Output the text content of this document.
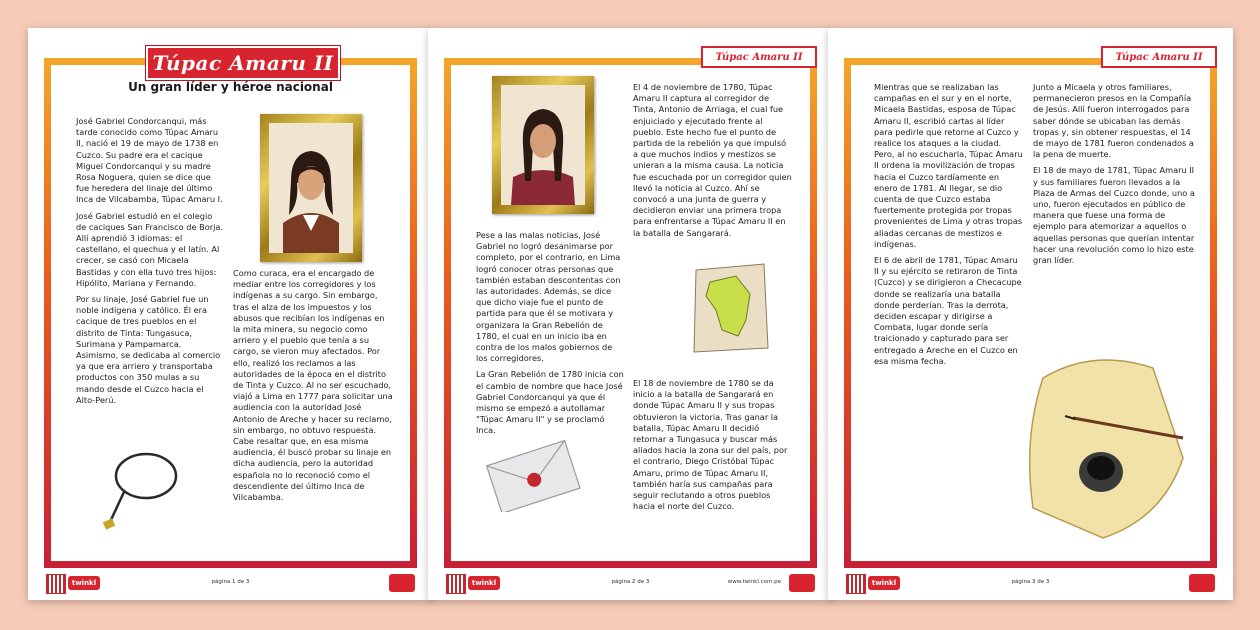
Túpac Amaru II
Un gran líder y héroe nacional

José Gabriel Condorcanqui, más tarde conocido como Túpac Amaru II, nació el 19 de mayo de 1738 en Cuzco. Su padre era el cacique Miguel Condorcanqui y su madre Rosa Noguera, quien se dice que fue heredera del linaje del último Inca de Vilcabamba, Túpac Amaru I.

José Gabriel estudió en el colegio de caciques San Francisco de Borja. Allí aprendió 3 idiomas: el castellano, el quechua y el latín. Al crecer, se casó con Micaela Bastidas y con ella tuvo tres hijos: Hipólito, Mariana y Fernando.

Por su linaje, José Gabriel fue un noble indígena y católico. Él era cacique de tres pueblos en el distrito de Tinta: Tungasuca, Surimana y Pampamarca. Asimismo, se dedicaba al comercio ya que era arriero y transportaba productos con 350 mulas a su mando desde el Cuzco hacia el Alto-Perú.

Como curaca, era el encargado de mediar entre los corregidores y los indígenas a su cargo. Sin embargo, tras el alza de los impuestos y los abusos que recibían los indígenas en la mita minera, su negocio como arriero y el pueblo que tenía a su cargo, se vieron muy afectados. Por ello, realizó los reclamos a las autoridades de la época en el distrito de Tinta y Cuzco. Al no ser escuchado, viajó a Lima en 1777 para solicitar una audiencia con la autoridad José Antonio de Areche y hacer su reclamo, sin embargo, no obtuvo respuesta. Cabe resaltar que, en esa misma audiencia, él buscó probar su linaje en dicha audiencia, pero la autoridad española no lo reconoció como el descendiente del último Inca de Vilcabamba.

twinkl	página 1 de 3
Túpac Amaru II

Pese a las malas noticias, José Gabriel no logró desanimarse por completo, por el contrario, en Lima logró conocer otras personas que también estaban descontentas con las autoridades. Además, se dice que dicho viaje fue el punto de partida para que él se motivara y organizara la Gran Rebelión de 1780, el cual en un inicio iba en contra de los malos gobiernos de los corregidores.

La Gran Rebelión de 1780 inicia con el cambio de nombre que hace José Gabriel Condorcanqui ya que él mismo se empezó a autollamar "Túpac Amaru II" y se proclamó Inca.

El 4 de noviembre de 1780, Túpac Amaru II captura al corregidor de Tinta, Antonio de Arriaga, el cual fue enjuiciado y ejecutado frente al pueblo. Este hecho fue el punto de partida de la rebelión ya que impulsó a que muchos indios y mestizos se unieran a la misma causa. La noticia fue escuchada por un corregidor quien llevó la noticia al Cuzco. Ahí se convocó a una junta de guerra y decidieron enviar una primera tropa para enfrentarse a Túpac Amaru II en la batalla de Sangarará.

El 18 de noviembre de 1780 se da inicio a la batalla de Sangarará en donde Túpac Amaru II y sus tropas obtuvieron la victoria. Tras ganar la batalla, Túpac Amaru II decidió retornar a Tungasuca y buscar más aliados hacia la zona sur del país, por el contrario, Diego Cristóbal Túpac Amaru, primo de Túpac Amaru II, también haría sus campañas para seguir reclutando a otros pueblos hacia el norte del Cuzco.

twinkl	página 2 de 3	www.twinkl.com.pe
Túpac Amaru II

Mientras que se realizaban las campañas en el sur y en el norte, Micaela Bastidas, esposa de Túpac Amaru II, escribió cartas al líder para pedirle que retorne al Cuzco y realice los ataques a la ciudad. Pero, al no escucharla, Túpac Amaru II ordena la movilización de tropas hacia el Cuzco tardíamente en enero de 1781. Al llegar, se dio cuenta de que Cuzco estaba fuertemente protegida por tropas provenientes de Lima y otras tropas aliadas cercanas de mestizos e indígenas.

El 6 de abril de 1781, Túpac Amaru II y su ejército se retiraron de Tinta (Cuzco) y se dirigieron a Checacupe donde se realizaría una batalla donde perderían. Tras la derrota, deciden escapar y dirigirse a Combata, lugar donde sería traicionado y capturado para ser entregado a Areche en el Cuzco en esa misma fecha.

Junto a Micaela y otros familiares, permanecieron presos en la Compañía de Jesús. Allí fueron interrogados para saber dónde se ubicaban las demás tropas y, sin obtener respuestas, el 14 de mayo de 1781 fueron condenados a la pena de muerte.

El 18 de mayo de 1781, Túpac Amaru II y sus familiares fueron llevados a la Plaza de Armas del Cuzco donde, uno a uno, fueron ejecutados en público de manera que fuese una forma de ejemplo para atemorizar a aquellos o aquellas personas que querían intentar hacer una revolución como lo hizo este gran líder.

twinkl	página 3 de 3
